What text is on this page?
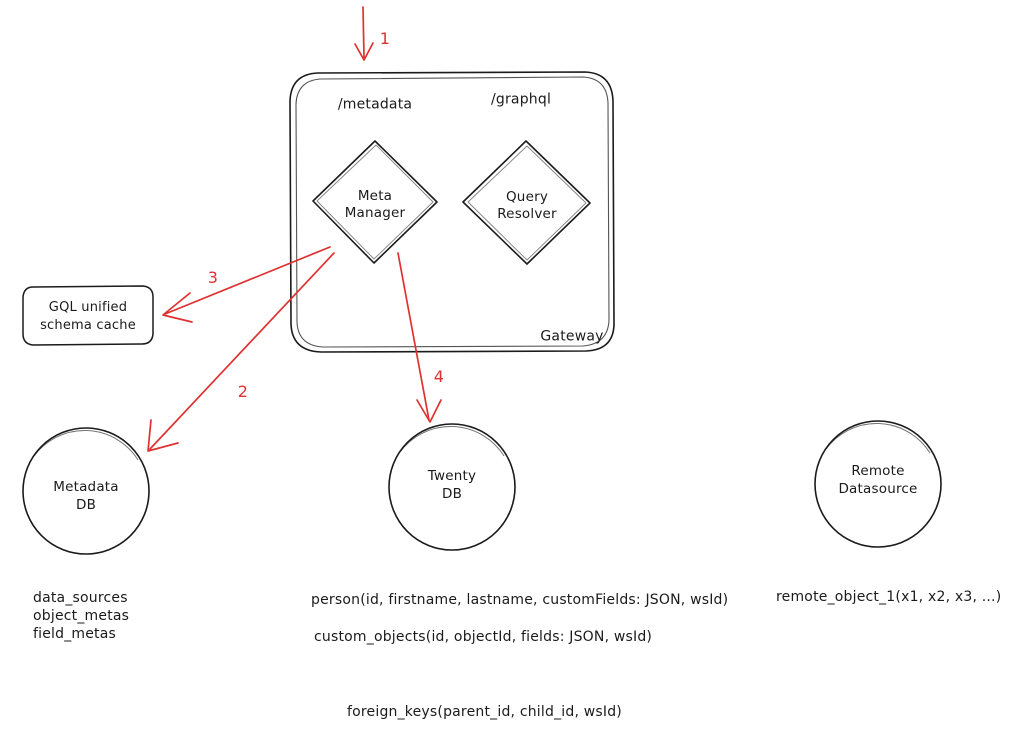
/metadata	/graphql
Meta
Manager
Query
Resolver
Gateway
GQL unified
schema cache
Metadata
DB
Twenty
DB
Remote
Datasource
1
2
3
4
data_sources
object_metas
field_metas
person(id, firstname, lastname, customFields: JSON, wsId)
custom_objects(id, objectId, fields: JSON, wsId)
remote_object_1(x1, x2, x3, ...)
foreign_keys(parent_id, child_id, wsId)
